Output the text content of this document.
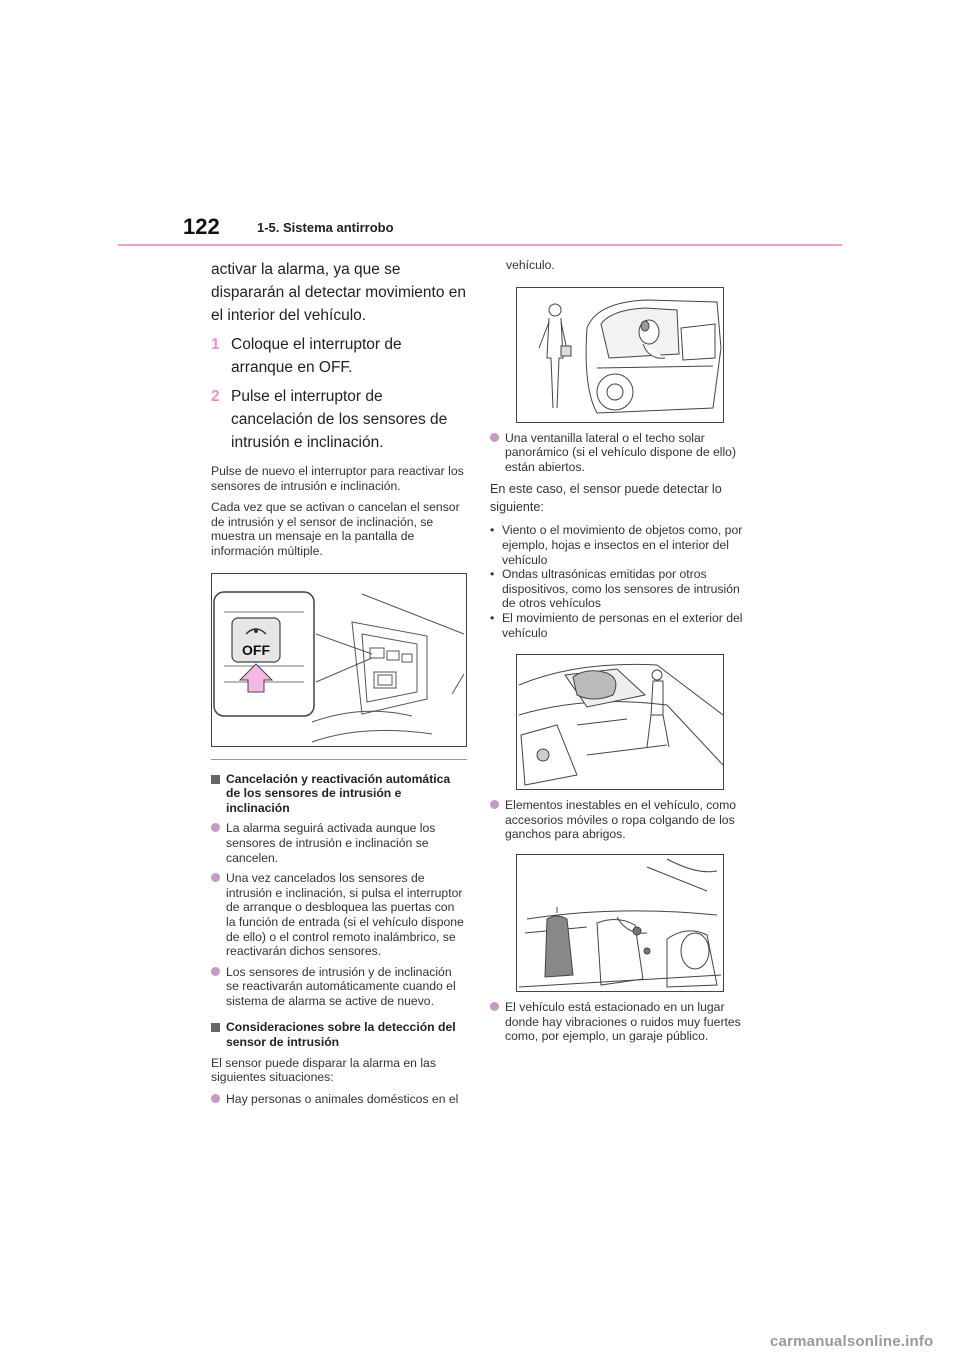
122	1-5. Sistema antirrobo

activar la alarma, ya que se dispararán al detectar movimiento en el interior del vehículo.

1 Coloque el interruptor de arranque en OFF.
2 Pulse el interruptor de cancelación de los sensores de intrusión e inclinación.

Pulse de nuevo el interruptor para reactivar los sensores de intrusión e inclinación.

Cada vez que se activan o cancelan el sensor de intrusión y el sensor de inclinación, se muestra un mensaje en la pantalla de información múltiple.

OFF
Cancelación y reactivación automática de los sensores de intrusión e inclinación
La alarma seguirá activada aunque los sensores de intrusión e inclinación se cancelen.
Una vez cancelados los sensores de intrusión e inclinación, si pulsa el interruptor de arranque o desbloquea las puertas con la función de entrada (si el vehículo dispone de ello) o el control remoto inalámbrico, se reactivarán dichos sensores.
Los sensores de intrusión y de inclinación se reactivarán automáticamente cuando el sistema de alarma se active de nuevo.
Consideraciones sobre la detección del sensor de intrusión

El sensor puede disparar la alarma en las siguientes situaciones:

Hay personas o animales domésticos en el

vehículo.

Una ventanilla lateral o el techo solar panorámico (si el vehículo dispone de ello) están abiertos.

En este caso, el sensor puede detectar lo siguiente:

• Viento o el movimiento de objetos como, por ejemplo, hojas e insectos en el interior del vehículo
• Ondas ultrasónicas emitidas por otros dispositivos, como los sensores de intrusión de otros vehículos
• El movimiento de personas en el exterior del vehículo
Elementos inestables en el vehículo, como accesorios móviles o ropa colgando de los ganchos para abrigos.
El vehículo está estacionado en un lugar donde hay vibraciones o ruidos muy fuertes como, por ejemplo, un garaje público.
carmanualsonline.info
